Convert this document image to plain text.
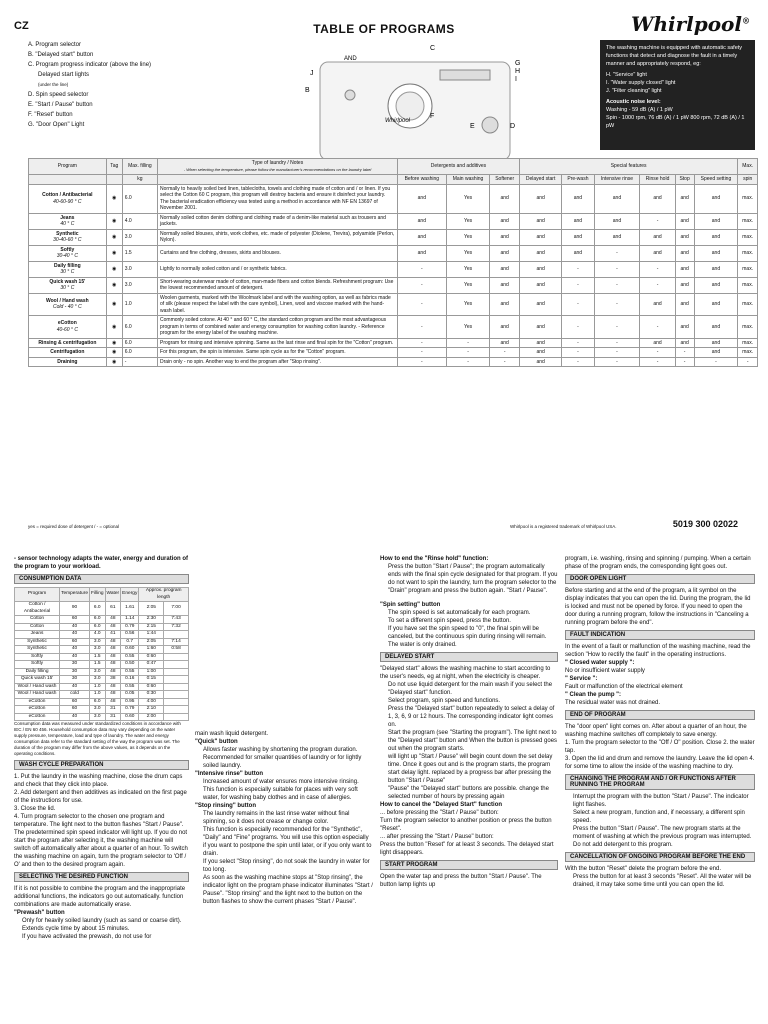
CZ	TABLE OF PROGRAMS	Whirlpool®
A. Program selector
B. "Delayed start" button
C. Program progress indicator (above the line)
Delayed start lights
(under the line)
D. Spin speed selector
E. "Start / Pause" button
F. "Reset" button
G. "Door Open" Light
AND
C
G
H
I
J
B
F
E	D
Whirlpool
The washing machine is equipped with automatic safety functions that detect and diagnose the fault in a timely manner and appropriately respond, eg:
H. "Service" light
I. "Water supply closed" light
J. "Filter cleaning" light
Acoustic noise level:
Washing - 59 dB (A) / 1 pW
Spin - 1000 rpm, 76 dB (A) / 1 pW 800 rpm, 72 dB (A) / 1 pW
Program	Tag	Max. filling	Type of laundry / Notes
- When selecting the temperature, please follow the manufacturer's recommendations on the laundry label	Detergents and additives			Special features						Max.
		kg		Before washing	Main washing	Softener	Delayed start	Pre-wash	Intensive rinse	Rinse hold	Stop	Speed setting	spin
Cotton / Antibacterial
40-60-90 ° C	◉	6.0	Normally to heavily soiled bed linen, tablecloths, towels and clothing made of cotton and / or linen. If you select the Cotton 60 C program, this program will destroy bacteria and ensure it disinfect your laundry. The bacterial eradication efficiency was tested using a method in accordance with NF EN 13697 of November 2001.	and	Yes	and	and	and	and	and	and	and	max.
Jeans
40 ° C	◉	4.0	Normally soiled cotton denim clothing and clothing made of a denim-like material such as trousers and jackets.	and	Yes	and	and	and	and	-	and	and	max.
Synthetic
30-40-60 ° C	◉	3.0	Normally soiled blouses, shirts, work clothes, etc. made of polyester (Diolene, Trevira), polyamide (Perlon, Nylon).	and	Yes	and	and	and	and	and	and	and	max.
Softly
30-40 ° C	◉	1.5	Curtains and fine clothing, dresses, skirts and blouses.	and	Yes	and	and	and	-	and	and	and	max.
Daily filling
30 ° C	◉	3.0	Lightly to normally soiled cotton and / or synthetic fabrics.	-	Yes	and	and	-	-	-	and	and	max.
Quick wash 15'
30 ° C	◉	3.0	Short-wearing outerwear made of cotton, man-made fibers and cotton blends. Refreshment program: Use the lowest recommended amount of detergent.	-	Yes	and	and	-	-	-	and	and	max.
Wool / Hand wash
Cold - 40 ° C	◉	1.0	Woolen garments, marked with the Woolmark label and with the washing option, as well as fabrics made of silk (please respect the label with the care symbol), Linen, wool and viscose marked with the hand-wash label.	-	Yes	and	and	-	-	and	and	and	max.
eCotton
40-60 ° C	◉	6.0	Commonly soiled cotone. At 40 ° and 60 ° C, the standard cotton program and the most advantageous program in terms of combined water and energy consumption for washing cotton laundry. - Reference program for the energy label of the washing machine.	-	Yes	and	and	-	-	-	and	and	max.
Rinsing & centrifugation	◉	6.0	Program for rinsing and intensive spinning. Same as the last rinse and final spin for the "Cotton" program.	-	-	and	and	-	-	and	and	and	max.
Centrifugation	◉	6.0	For this program, the spin is intensive. Same spin cycle as for the "Cotton" program.	-	-	-	and	-	-	-	-	and	max.
Draining	◉	-	Drain only - no spin. Another way to end the program after "Stop rinsing".	-	-	-	and	-	-	-	-	-	-
yes = required dose of detergent / - = optional	Whirlpool is a registered trademark of Whirlpool USA.	5019 300 02022
- sensor technology adapts the water, energy and duration of the program to your workload.
CONSUMPTION DATA
Program	Temperature	Filling	Water	Energy	Approx. program length	
Cotton / Antibacterial	90	6.0	61	1.61	2:05	7:00
Cotton	60	6.0	48	1.14	2:30	7:43
Cotton	40	6.0	48	0.79	2:15	7:32
Jeans	40	4.0	41	0.56	1:44	
Synthetic	60	3.0	48	0.7	2:05	7:14
Synthetic	40	3.0	48	0.60	1:60	0:58
Softly	40	1.5	48	0.55	0:60	
Softly	30	1.5	48	0.50	0:47	
Daily filling	30	3.0	48	0.55	1:00	
Quick wash 15'	30	3.0	38	0.16	0:15	
Wool / Hand wash	40	1.0	48	0.55	0:60	
Wool / Hand wash	cold	1.0	48	0.05	0:30	
eCotton	60	6.0	48	0.95	4:00	
eCotton	60	3.0	31	0.79	2:10	
eCotton	40	3.0	31	0.60	2:00	
Consumption data was measured under standardized conditions in accordance with IEC / EN 60 456. Household consumption data may vary depending on the water supply pressure, temperature, load and type of laundry. The water and energy consumption data refer to the standard setting of the way the program was set. The duration of the program may differ from the above values, as it depends on the operating conditions.
WASH CYCLE PREPARATION
1. Put the laundry in the washing machine, close the drum caps and check that they click into place.
2. Add detergent and then additives as indicated on the first page of the instructions for use.
3. Close the lid.
4. Turn program selector to the chosen one program and temperature. The light next to the button flashes "Start / Pause". The predetermined spin speed indicator will light up. If you do not start the program after selecting it, the washing machine will switch off automatically after about a quarter of an hour. To switch the washing machine on again, turn the program selector to 'Off / O' and then to the desired program again.
SELECTING THE DESIRED FUNCTION
If it is not possible to combine the program and the inappropriate additional functions, the indicators go out automatically. function combinations are made automatically erase.
"Prewash" button
• Only for heavily soiled laundry (such as sand or coarse dirt). Extends cycle time by about 15 minutes.
• If you have activated the prewash, do not use for
main wash liquid detergent.
"Quick" button
• Allows faster washing by shortening the program duration.
• Recommended for smaller quantities of laundry or for lightly soiled laundry.
"Intensive rinse" button
• Increased amount of water ensures more intensive rinsing.
• This function is especially suitable for places with very soft water, for washing baby clothes and in case of allergies.
"Stop rinsing" button
• The laundry remains in the last rinse water without final spinning, so it does not crease or change color.
• This function is especially recommended for the "Synthetic", "Daily" and "Fine" programs. You will use this option especially if you want to postpone the spin until later, or if you only want to drain.
• If you select "Stop rinsing", do not soak the laundry in water for too long.
• As soon as the washing machine stops at "Stop rinsing", the indicator light on the program phase indicator illuminates "Start / Pause". "Stop rinsing" and the light next to the button on the button flashes to show the current phases "Start / Pause".
How to end the "Rinse hold" function:
• Press the button "Start / Pause"; the program automatically ends with the final spin cycle designated for that program. If you do not want to spin the laundry, turn the program selector to the "Drain" program and press the button again. "Start / Pause".
"Spin setting" button
• The spin speed is set automatically for each program.
• To set a different spin speed, press the button.
• If you have set the spin speed to "0", the final spin will be canceled, but the continuous spin during rinsing will remain. The water is only drained.
DELAYED START
"Delayed start" allows the washing machine to start according to the user's needs, eg at night, when the electricity is cheaper.
• Do not use liquid detergent for the main wash if you select the "Delayed start" function.
• Select program, spin speed and functions.
• Press the "Delayed start" button repeatedly to select a delay of 1, 3, 6, 9 or 12 hours. The corresponding indicator light comes on.
• Start the program (see "Starting the program"). The light next to the "Delayed start" button and When the button is pressed goes out when the program starts.
• will light up "Start / Pause" will begin count down the set delay time. Once it goes out and is the program starts, the program start delay light. replaced by a progress bar after pressing the button "Start / Pause"
• "Pause" the "Delayed start" buttons are possible. change the selected number of hours by pressing again
How to cancel the "Delayed Start" function
... before pressing the "Start / Pause" button:
Turn the program selector to another position or press the button "Reset".
... after pressing the "Start / Pause" button:
Press the button "Reset" for at least 3 seconds. The delayed start light disappears.
START PROGRAM
Open the water tap and press the button "Start / Pause". The button lamp lights up
program, i.e. washing, rinsing and spinning / pumping. When a certain phase of the program ends, the corresponding light goes out.
DOOR OPEN LIGHT
Before starting and at the end of the program, a lit symbol on the display indicates that you can open the lid. During the program, the lid is locked and must not be opened by force. If you need to open the door during a running program, follow the instructions in "Canceling a running program before the end".
FAULT INDICATION
In the event of a fault or malfunction of the washing machine, read the section "How to rectify the fault" in the operating instructions.
" Closed water supply ":
No or insufficient water supply
" Service ":
Fault or malfunction of the electrical element
" Clean the pump ":
The residual water was not drained.
END OF PROGRAM
The "door open" light comes on. After about a quarter of an hour, the washing machine switches off completely to save energy.
1. Turn the program selector to the "Off / O" position. Close 2. the water tap.
3. Open the lid and drum and remove the laundry. Leave the lid open 4. for some time to allow the inside of the washing machine to dry.
CHANGING THE PROGRAM AND / OR FUNCTIONS AFTER RUNNING THE PROGRAM
• Interrupt the program with the button "Start / Pause". The indicator light flashes.
• Select a new program, function and, if necessary, a different spin speed.
• Press the button "Start / Pause". The new program starts at the moment of washing at which the previous program was interrupted. Do not add detergent to this program.
CANCELLATION OF ONGOING PROGRAM BEFORE THE END
With the button "Reset" delete the program before the end.
• Press the button for at least 3 seconds "Reset". All the water will be drained, it may take some time until you can open the lid.
